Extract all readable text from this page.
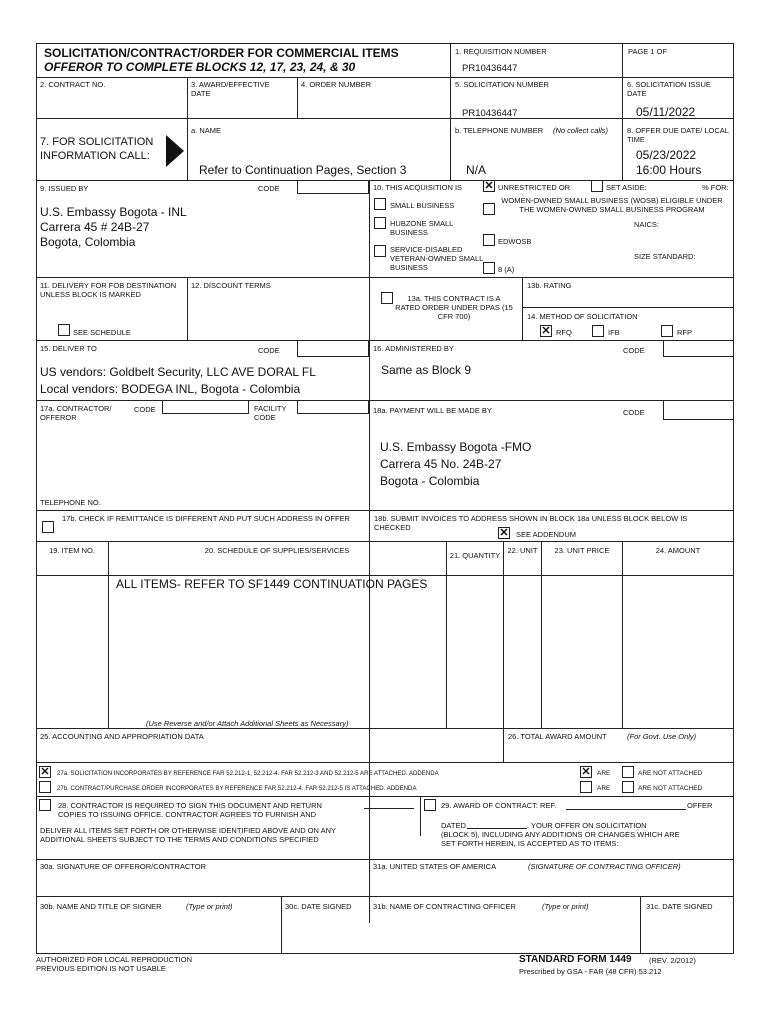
SOLICITATION/CONTRACT/ORDER FOR COMMERCIAL ITEMS
OFFEROR TO COMPLETE BLOCKS 12, 17, 23, 24, & 30
1. REQUISITION NUMBER
PR10436447
PAGE 1 OF
2. CONTRACT NO.	3. AWARD/EFFECTIVE DATE
4. ORDER NUMBER	5. SOLICITATION NUMBER
PR10436447
6. SOLICITATION ISSUE DATE
05/11/2022
7. FOR SOLICITATION INFORMATION CALL:
a. NAME
Refer to Continuation Pages, Section 3
b. TELEPHONE NUMBER (No collect calls)
N/A
8. OFFER DUE DATE/ LOCAL TIME
05/23/2022
16:00 Hours
9. ISSUED BY	CODE
U.S. Embassy Bogota - INL
Carrera 45 # 24B-27
Bogota, Colombia
10. THIS ACQUISITION IS ✕ UNRESTRICTED OR	SET ASIDE:	% FOR:
SMALL BUSINESS
HUBZONE SMALL BUSINESS
SERVICE-DISABLED VETERAN-OWNED SMALL BUSINESS
WOMEN-OWNED SMALL BUSINESS (WOSB) ELIGIBLE UNDER THE WOMEN-OWNED SMALL BUSINESS PROGRAM
NAICS:
EDWOSB
8 (A)
SIZE STANDARD:
11. DELIVERY FOR FOB DESTINATION UNLESS BLOCK IS MARKED
SEE SCHEDULE
12. DISCOUNT TERMS
13a. THIS CONTRACT IS A RATED ORDER UNDER DPAS (15 CFR 700)
13b. RATING
14. METHOD OF SOLICITATION
✕ RFQ	IFB	RFP
15. DELIVER TO	CODE
US vendors: Goldbelt Security, LLC AVE DORAL FL
Local vendors: BODEGA INL, Bogota - Colombia
16. ADMINISTERED BY	CODE
Same as Block 9
17a. CONTRACTOR/ OFFEROR
CODE	FACILITY CODE
TELEPHONE NO.
17b. CHECK IF REMITTANCE IS DIFFERENT AND PUT SUCH ADDRESS IN OFFER
18a. PAYMENT WILL BE MADE BY	CODE
U.S. Embassy Bogota -FMO
Carrera 45 No. 24B-27
Bogota - Colombia
18b. SUBMIT INVOICES TO ADDRESS SHOWN IN BLOCK 18a UNLESS BLOCK BELOW IS CHECKED	✕ SEE ADDENDUM
19. ITEM NO.	20. SCHEDULE OF SUPPLIES/SERVICES
21. QUANTITY
22. UNIT	23. UNIT PRICE	24. AMOUNT
ALL ITEMS- REFER TO SF1449 CONTINUATION PAGES
(Use Reverse and/or Attach Additional Sheets as Necessary)
25. ACCOUNTING AND APPROPRIATION DATA	26. TOTAL AWARD AMOUNT	(For Govt. Use Only)
✕ 27a. SOLICITATION INCORPORATES BY REFERENCE FAR 52.212-1, 52.212-4. FAR 52.212-3 AND 52.212-5 ARE ATTACHED. ADDENDA	✕ ARE	ARE NOT ATTACHED
27b. CONTRACT/PURCHASE ORDER INCORPORATES BY REFERENCE FAR 52.212-4. FAR 52.212-5 IS ATTACHED. ADDENDA	ARE	ARE NOT ATTACHED
28. CONTRACTOR IS REQUIRED TO SIGN THIS DOCUMENT AND RETURN
COPIES TO ISSUING OFFICE. CONTRACTOR AGREES TO FURNISH AND
DELIVER ALL ITEMS SET FORTH OR OTHERWISE IDENTIFIED ABOVE AND ON ANY
ADDITIONAL SHEETS SUBJECT TO THE TERMS AND CONDITIONS SPECIFIED
29. AWARD OF CONTRACT: REF.	OFFER
DATED	. YOUR OFFER ON SOLICITATION
(BLOCK 5), INCLUDING ANY ADDITIONS OR CHANGES WHICH ARE
SET FORTH HEREIN, IS ACCEPTED AS TO ITEMS:
30a. SIGNATURE OF OFFEROR/CONTRACTOR	31a. UNITED STATES OF AMERICA	(SIGNATURE OF CONTRACTING OFFICER)
30b. NAME AND TITLE OF SIGNER	(Type or print)	30c. DATE SIGNED	31b. NAME OF CONTRACTING OFFICER	(Type or print)	31c. DATE SIGNED
AUTHORIZED FOR LOCAL REPRODUCTION
PREVIOUS EDITION IS NOT USABLE
STANDARD FORM 1449 (REV. 2/2012)
Prescribed by GSA - FAR (48 CFR) 53.212
